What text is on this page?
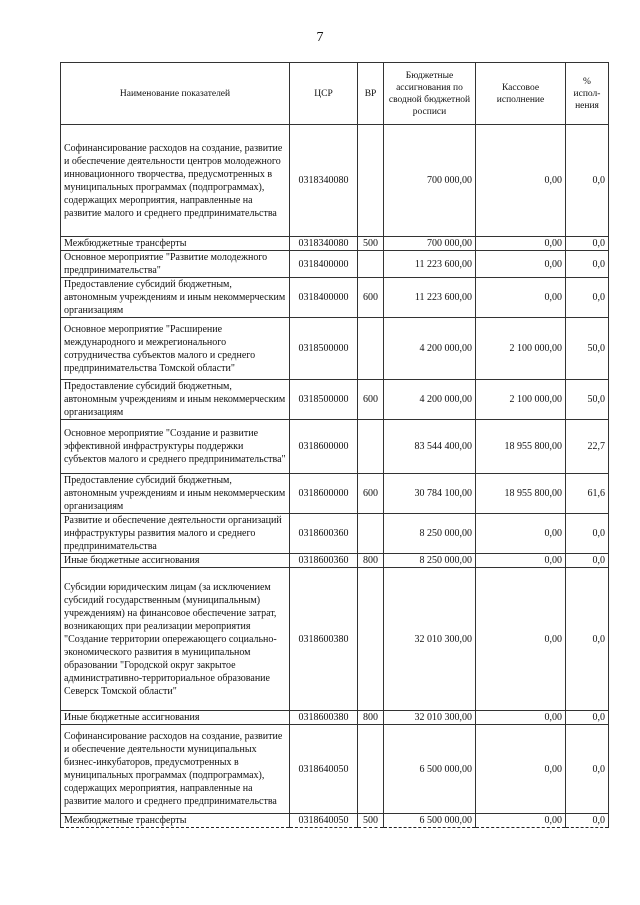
7
Наименование показателей	ЦСР	ВР	Бюджетные ассигнования по сводной бюджетной росписи	Кассовое исполнение	% испол-нения
Софинансирование расходов на создание, развитие и обеспечение деятельности центров молодежного инновационного творчества, предусмотренных в муниципальных программах (подпрограммах), содержащих мероприятия, направленные на развитие малого и среднего предпринимательства	0318340080		700 000,00	0,00	0,0
Межбюджетные трансферты	0318340080	500	700 000,00	0,00	0,0
Основное мероприятие "Развитие молодежного предпринимательства"	0318400000		11 223 600,00	0,00	0,0
Предоставление субсидий бюджетным, автономным учреждениям и иным некоммерческим организациям	0318400000	600	11 223 600,00	0,00	0,0
Основное мероприятие "Расширение международного и межрегионального сотрудничества субъектов малого и среднего предпринимательства Томской области"	0318500000		4 200 000,00	2 100 000,00	50,0
Предоставление субсидий бюджетным, автономным учреждениям и иным некоммерческим организациям	0318500000	600	4 200 000,00	2 100 000,00	50,0
Основное мероприятие "Создание и развитие эффективной инфраструктуры поддержки субъектов малого и среднего предпринимательства"	0318600000		83 544 400,00	18 955 800,00	22,7
Предоставление субсидий бюджетным, автономным учреждениям и иным некоммерческим организациям	0318600000	600	30 784 100,00	18 955 800,00	61,6
Развитие и обеспечение деятельности организаций инфраструктуры развития малого и среднего предпринимательства	0318600360		8 250 000,00	0,00	0,0
Иные бюджетные ассигнования	0318600360	800	8 250 000,00	0,00	0,0
Субсидии юридическим лицам (за исключением субсидий государственным (муниципальным) учреждениям) на финансовое обеспечение затрат, возникающих при реализации мероприятия "Создание территории опережающего социально-экономического развития в муниципальном образовании "Городской округ закрытое административно-территориальное образование Северск Томской области"	0318600380		32 010 300,00	0,00	0,0
Иные бюджетные ассигнования	0318600380	800	32 010 300,00	0,00	0,0
Софинансирование расходов на создание, развитие и обеспечение деятельности муниципальных бизнес-инкубаторов, предусмотренных в муниципальных программах (подпрограммах), содержащих мероприятия, направленные на развитие малого и среднего предпринимательства	0318640050		6 500 000,00	0,00	0,0
Межбюджетные трансферты	0318640050	500	6 500 000,00	0,00	0,0
